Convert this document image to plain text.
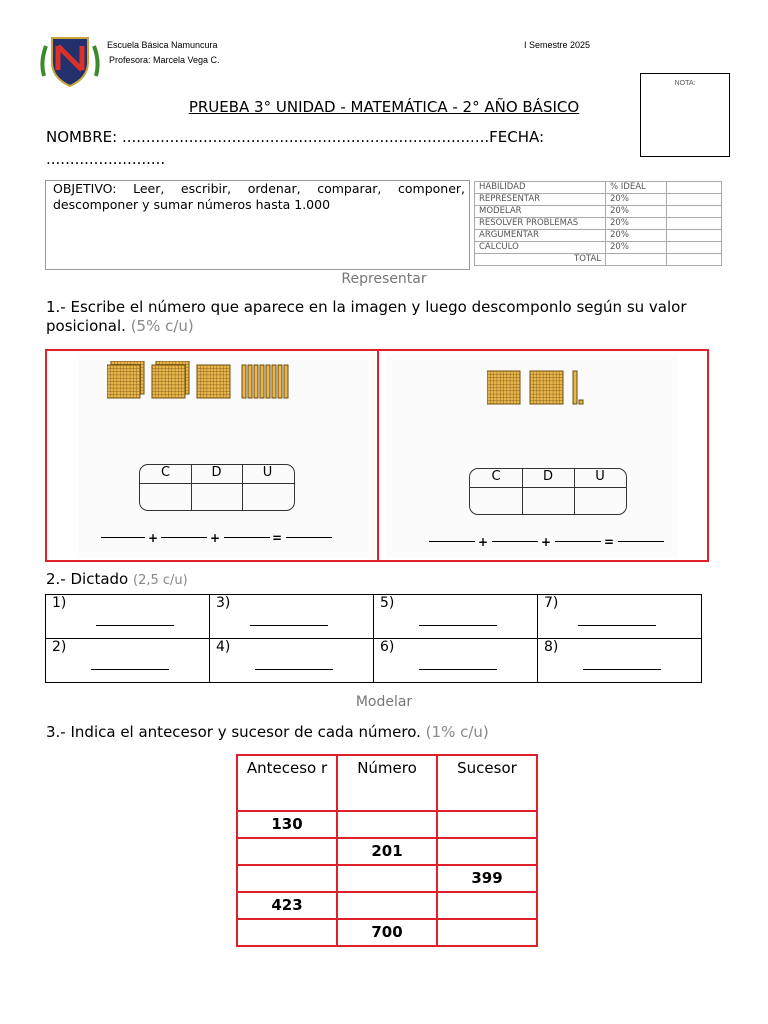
Escuela Básica Namuncura
Profesora: Marcela Vega C.
I Semestre 2025
NOTA:
PRUEBA 3° UNIDAD - MATEMÁTICA - 2° AÑO BÁSICO
NOMBRE: .............................................................................FECHA:
.........................
OBJETIVO: Leer, escribir, ordenar, comparar, componer, descomponer y sumar números hasta 1.000
HABILIDAD	% IDEAL	
REPRESENTAR	20%	
MODELAR	20%	
RESOLVER PROBLEMAS	20%	
ARGUMENTAR	20%	
CALCULO	20%	
TOTAL		
Representar
1.- Escribe el número que aparece en la imagen y luego descomponlo según su valor posicional. (5% c/u)
C	D	U	C	D	U
+	+	=	+	+	=
2.- Dictado (2,5 c/u)
1)	3)	5)	7)

2)	4)	6)	8)
Modelar
3.- Indica el antecesor y sucesor de cada número. (1% c/u)
Anteceso r	Número	Sucesor
130		
	201	
		399
423		
	700	
